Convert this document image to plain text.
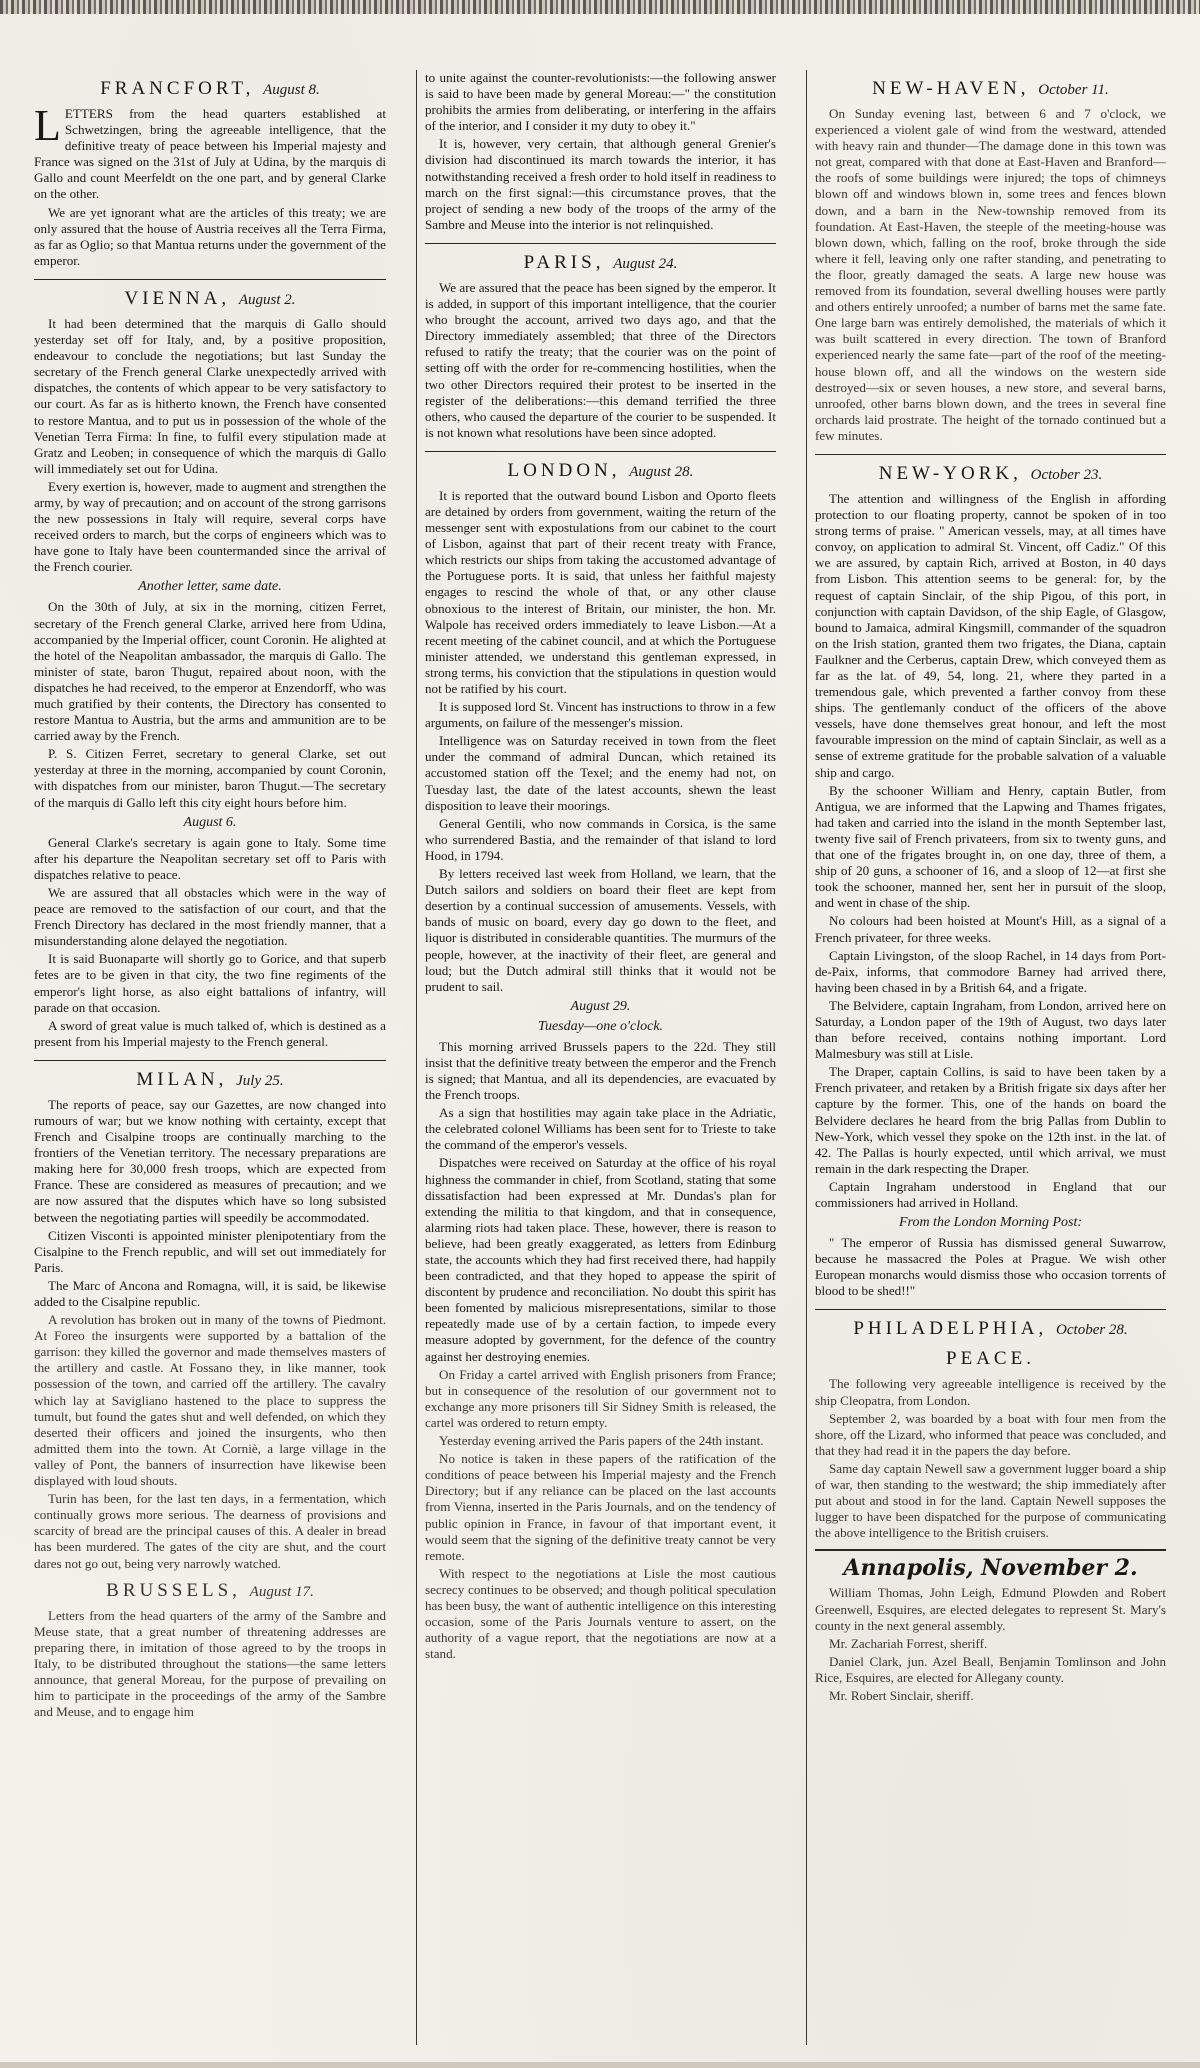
FRANCFORT, August 8.

LETTERS from the head quarters established at Schwetzingen, bring the agreeable intelligence, that the definitive treaty of peace between his Imperial majesty and France was signed on the 31st of July at Udina, by the marquis di Gallo and count Meerfeldt on the one part, and by general Clarke on the other.

We are yet ignorant what are the articles of this treaty; we are only assured that the house of Austria receives all the Terra Firma, as far as Oglio; so that Mantua returns under the government of the emperor.

VIENNA, August 2.

It had been determined that the marquis di Gallo should yesterday set off for Italy, and, by a positive proposition, endeavour to conclude the negotiations; but last Sunday the secretary of the French general Clarke unexpectedly arrived with dispatches, the contents of which appear to be very satisfactory to our court. As far as is hitherto known, the French have consented to restore Mantua, and to put us in possession of the whole of the Venetian Terra Firma: In fine, to fulfil every stipulation made at Gratz and Leoben; in consequence of which the marquis di Gallo will immediately set out for Udina.

Every exertion is, however, made to augment and strengthen the army, by way of precaution; and on account of the strong garrisons the new possessions in Italy will require, several corps have received orders to march, but the corps of engineers which was to have gone to Italy have been countermanded since the arrival of the French courier.

Another letter, same date.

On the 30th of July, at six in the morning, citizen Ferret, secretary of the French general Clarke, arrived here from Udina, accompanied by the Imperial officer, count Coronin. He alighted at the hotel of the Neapolitan ambassador, the marquis di Gallo. The minister of state, baron Thugut, repaired about noon, with the dispatches he had received, to the emperor at Enzendorff, who was much gratified by their contents, the Directory has consented to restore Mantua to Austria, but the arms and ammunition are to be carried away by the French.

P. S. Citizen Ferret, secretary to general Clarke, set out yesterday at three in the morning, accompanied by count Coronin, with dispatches from our minister, baron Thugut.—The secretary of the marquis di Gallo left this city eight hours before him.

August 6.

General Clarke's secretary is again gone to Italy. Some time after his departure the Neapolitan secretary set off to Paris with dispatches relative to peace.

We are assured that all obstacles which were in the way of peace are removed to the satisfaction of our court, and that the French Directory has declared in the most friendly manner, that a misunderstanding alone delayed the negotiation.

It is said Buonaparte will shortly go to Gorice, and that superb fetes are to be given in that city, the two fine regiments of the emperor's light horse, as also eight battalions of infantry, will parade on that occasion.

A sword of great value is much talked of, which is destined as a present from his Imperial majesty to the French general.

MILAN, July 25.

The reports of peace, say our Gazettes, are now changed into rumours of war; but we know nothing with certainty, except that French and Cisalpine troops are continually marching to the frontiers of the Venetian territory. The necessary preparations are making here for 30,000 fresh troops, which are expected from France. These are considered as measures of precaution; and we are now assured that the disputes which have so long subsisted between the negotiating parties will speedily be accommodated.

Citizen Visconti is appointed minister plenipotentiary from the Cisalpine to the French republic, and will set out immediately for Paris.

The Marc of Ancona and Romagna, will, it is said, be likewise added to the Cisalpine republic.

A revolution has broken out in many of the towns of Piedmont. At Foreo the insurgents were supported by a battalion of the garrison: they killed the governor and made themselves masters of the artillery and castle. At Fossano they, in like manner, took possession of the town, and carried off the artillery. The cavalry which lay at Savigliano hastened to the place to suppress the tumult, but found the gates shut and well defended, on which they deserted their officers and joined the insurgents, who then admitted them into the town. At Corniè, a large village in the valley of Pont, the banners of insurrection have likewise been displayed with loud shouts.

Turin has been, for the last ten days, in a fermentation, which continually grows more serious. The dearness of provisions and scarcity of bread are the principal causes of this. A dealer in bread has been murdered. The gates of the city are shut, and the court dares not go out, being very narrowly watched.

BRUSSELS, August 17.

Letters from the head quarters of the army of the Sambre and Meuse state, that a great number of threatening addresses are preparing there, in imitation of those agreed to by the troops in Italy, to be distributed throughout the stations—the same letters announce, that general Moreau, for the purpose of prevailing on him to participate in the proceedings of the army of the Sambre and Meuse, and to engage him

to unite against the counter-revolutionists:—the following answer is said to have been made by general Moreau:—" the constitution prohibits the armies from deliberating, or interfering in the affairs of the interior, and I consider it my duty to obey it."

It is, however, very certain, that although general Grenier's division had discontinued its march towards the interior, it has notwithstanding received a fresh order to hold itself in readiness to march on the first signal:—this circumstance proves, that the project of sending a new body of the troops of the army of the Sambre and Meuse into the interior is not relinquished.

PARIS, August 24.

We are assured that the peace has been signed by the emperor. It is added, in support of this important intelligence, that the courier who brought the account, arrived two days ago, and that the Directory immediately assembled; that three of the Directors refused to ratify the treaty; that the courier was on the point of setting off with the order for re-commencing hostilities, when the two other Directors required their protest to be inserted in the register of the deliberations:—this demand terrified the three others, who caused the departure of the courier to be suspended. It is not known what resolutions have been since adopted.

LONDON, August 28.

It is reported that the outward bound Lisbon and Oporto fleets are detained by orders from government, waiting the return of the messenger sent with expostulations from our cabinet to the court of Lisbon, against that part of their recent treaty with France, which restricts our ships from taking the accustomed advantage of the Portuguese ports. It is said, that unless her faithful majesty engages to rescind the whole of that, or any other clause obnoxious to the interest of Britain, our minister, the hon. Mr. Walpole has received orders immediately to leave Lisbon.—At a recent meeting of the cabinet council, and at which the Portuguese minister attended, we understand this gentleman expressed, in strong terms, his conviction that the stipulations in question would not be ratified by his court.

It is supposed lord St. Vincent has instructions to throw in a few arguments, on failure of the messenger's mission.

Intelligence was on Saturday received in town from the fleet under the command of admiral Duncan, which retained its accustomed station off the Texel; and the enemy had not, on Tuesday last, the date of the latest accounts, shewn the least disposition to leave their moorings.

General Gentili, who now commands in Corsica, is the same who surrendered Bastia, and the remainder of that island to lord Hood, in 1794.

By letters received last week from Holland, we learn, that the Dutch sailors and soldiers on board their fleet are kept from desertion by a continual succession of amusements. Vessels, with bands of music on board, every day go down to the fleet, and liquor is distributed in considerable quantities. The murmurs of the people, however, at the inactivity of their fleet, are general and loud; but the Dutch admiral still thinks that it would not be prudent to sail.

August 29.
Tuesday—one o'clock.

This morning arrived Brussels papers to the 22d. They still insist that the definitive treaty between the emperor and the French is signed; that Mantua, and all its dependencies, are evacuated by the French troops.

As a sign that hostilities may again take place in the Adriatic, the celebrated colonel Williams has been sent for to Trieste to take the command of the emperor's vessels.

Dispatches were received on Saturday at the office of his royal highness the commander in chief, from Scotland, stating that some dissatisfaction had been expressed at Mr. Dundas's plan for extending the militia to that kingdom, and that in consequence, alarming riots had taken place. These, however, there is reason to believe, had been greatly exaggerated, as letters from Edinburg state, the accounts which they had first received there, had happily been contradicted, and that they hoped to appease the spirit of discontent by prudence and reconciliation. No doubt this spirit has been fomented by malicious misrepresentations, similar to those repeatedly made use of by a certain faction, to impede every measure adopted by government, for the defence of the country against her destroying enemies.

On Friday a cartel arrived with English prisoners from France; but in consequence of the resolution of our government not to exchange any more prisoners till Sir Sidney Smith is released, the cartel was ordered to return empty.

Yesterday evening arrived the Paris papers of the 24th instant.

No notice is taken in these papers of the ratification of the conditions of peace between his Imperial majesty and the French Directory; but if any reliance can be placed on the last accounts from Vienna, inserted in the Paris Journals, and on the tendency of public opinion in France, in favour of that important event, it would seem that the signing of the definitive treaty cannot be very remote.

With respect to the negotiations at Lisle the most cautious secrecy continues to be observed; and though political speculation has been busy, the want of authentic intelligence on this interesting occasion, some of the Paris Journals venture to assert, on the authority of a vague report, that the negotiations are now at a stand.

NEW-HAVEN, October 11.

On Sunday evening last, between 6 and 7 o'clock, we experienced a violent gale of wind from the westward, attended with heavy rain and thunder—The damage done in this town was not great, compared with that done at East-Haven and Branford—the roofs of some buildings were injured; the tops of chimneys blown off and windows blown in, some trees and fences blown down, and a barn in the New-township removed from its foundation. At East-Haven, the steeple of the meeting-house was blown down, which, falling on the roof, broke through the side where it fell, leaving only one rafter standing, and penetrating to the floor, greatly damaged the seats. A large new house was removed from its foundation, several dwelling houses were partly and others entirely unroofed; a number of barns met the same fate. One large barn was entirely demolished, the materials of which it was built scattered in every direction. The town of Branford experienced nearly the same fate—part of the roof of the meeting-house blown off, and all the windows on the western side destroyed—six or seven houses, a new store, and several barns, unroofed, other barns blown down, and the trees in several fine orchards laid prostrate. The height of the tornado continued but a few minutes.

NEW-YORK, October 23.

The attention and willingness of the English in affording protection to our floating property, cannot be spoken of in too strong terms of praise. " American vessels, may, at all times have convoy, on application to admiral St. Vincent, off Cadiz." Of this we are assured, by captain Rich, arrived at Boston, in 40 days from Lisbon. This attention seems to be general: for, by the request of captain Sinclair, of the ship Pigou, of this port, in conjunction with captain Davidson, of the ship Eagle, of Glasgow, bound to Jamaica, admiral Kingsmill, commander of the squadron on the Irish station, granted them two frigates, the Diana, captain Faulkner and the Cerberus, captain Drew, which conveyed them as far as the lat. of 49, 54, long. 21, where they parted in a tremendous gale, which prevented a farther convoy from these ships. The gentlemanly conduct of the officers of the above vessels, have done themselves great honour, and left the most favourable impression on the mind of captain Sinclair, as well as a sense of extreme gratitude for the probable salvation of a valuable ship and cargo.

By the schooner William and Henry, captain Butler, from Antigua, we are informed that the Lapwing and Thames frigates, had taken and carried into the island in the month September last, twenty five sail of French privateers, from six to twenty guns, and that one of the frigates brought in, on one day, three of them, a ship of 20 guns, a schooner of 16, and a sloop of 12—at first she took the schooner, manned her, sent her in pursuit of the sloop, and went in chase of the ship.

No colours had been hoisted at Mount's Hill, as a signal of a French privateer, for three weeks.

Captain Livingston, of the sloop Rachel, in 14 days from Port-de-Paix, informs, that commodore Barney had arrived there, having been chased in by a British 64, and a frigate.

The Belvidere, captain Ingraham, from London, arrived here on Saturday, a London paper of the 19th of August, two days later than before received, contains nothing important. Lord Malmesbury was still at Lisle.

The Draper, captain Collins, is said to have been taken by a French privateer, and retaken by a British frigate six days after her capture by the former. This, one of the hands on board the Belvidere declares he heard from the brig Pallas from Dublin to New-York, which vessel they spoke on the 12th inst. in the lat. of 42. The Pallas is hourly expected, until which arrival, we must remain in the dark respecting the Draper.

Captain Ingraham understood in England that our commissioners had arrived in Holland.

From the London Morning Post:

" The emperor of Russia has dismissed general Suwarrow, because he massacred the Poles at Prague. We wish other European monarchs would dismiss those who occasion torrents of blood to be shed!!"

PHILADELPHIA, October 28.
PEACE.

The following very agreeable intelligence is received by the ship Cleopatra, from London.

September 2, was boarded by a boat with four men from the shore, off the Lizard, who informed that peace was concluded, and that they had read it in the papers the day before.

Same day captain Newell saw a government lugger board a ship of war, then standing to the westward; the ship immediately after put about and stood in for the land. Captain Newell supposes the lugger to have been dispatched for the purpose of communicating the above intelligence to the British cruisers.

Annapolis, November 2.

William Thomas, John Leigh, Edmund Plowden and Robert Greenwell, Esquires, are elected delegates to represent St. Mary's county in the next general assembly.

Mr. Zachariah Forrest, sheriff.

Daniel Clark, jun. Azel Beall, Benjamin Tomlinson and John Rice, Esquires, are elected for Allegany county.

Mr. Robert Sinclair, sheriff.
